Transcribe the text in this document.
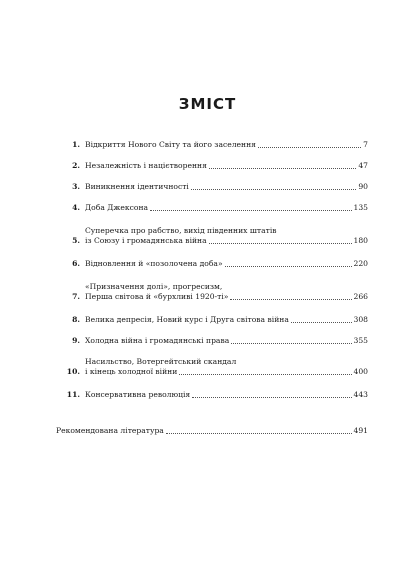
ЗМІСТ
1. Відкриття Нового Світу та його заселення	7
2. Незалежність і націєтворення	47
3. Виникнення ідентичності	90
4. Доба Джексона	135
5.
Суперечка про рабство, вихід південних штатів
із Союзу і громадянська війна	180
6. Відновлення й «позолочена доба»	220
7.
«Призначення долі», прогресизм,
Перша світова й «бурхливі 1920-ті»	266
8. Велика депресія, Новий курс і Друга світова війна	308
9. Холодна війна і громадянські права	355
10.
Насильство, Вотергейтський скандал
і кінець холодної війни	400
11. Консервативна революція	443
Рекомендована література	491
